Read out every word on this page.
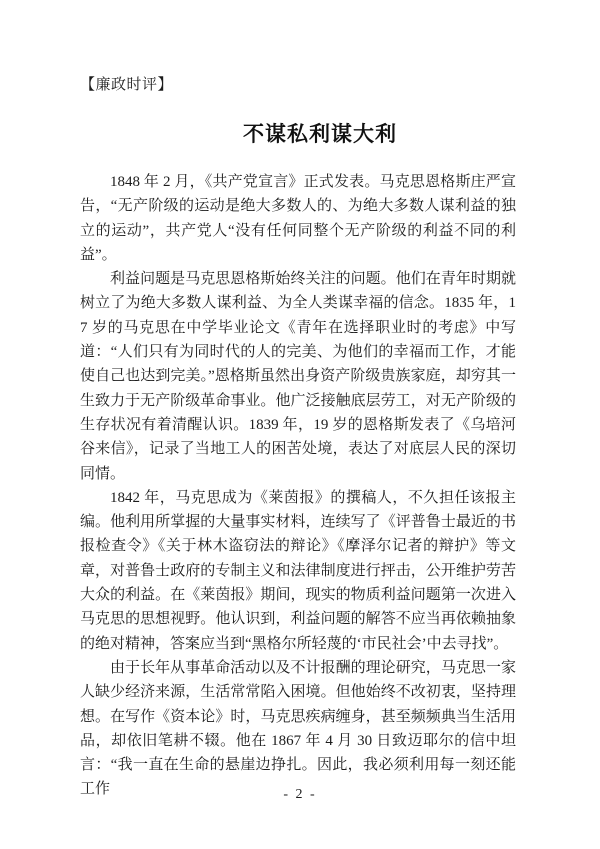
【廉政时评】
不谋私利谋大利

1848 年 2 月，《共产党宣言》正式发表。马克思恩格斯庄严宣告，“无产阶级的运动是绝大多数人的、为绝大多数人谋利益的独立的运动”，共产党人“没有任何同整个无产阶级的利益不同的利益”。

利益问题是马克思恩格斯始终关注的问题。他们在青年时期就树立了为绝大多数人谋利益、为全人类谋幸福的信念。1835 年，17 岁的马克思在中学毕业论文《青年在选择职业时的考虑》中写道：“人们只有为同时代的人的完美、为他们的幸福而工作，才能使自己也达到完美。”恩格斯虽然出身资产阶级贵族家庭，却穷其一生致力于无产阶级革命事业。他广泛接触底层劳工，对无产阶级的生存状况有着清醒认识。1839 年，19 岁的恩格斯发表了《乌培河谷来信》，记录了当地工人的困苦处境，表达了对底层人民的深切同情。

1842 年，马克思成为《莱茵报》的撰稿人，不久担任该报主编。他利用所掌握的大量事实材料，连续写了《评普鲁士最近的书报检查令》《关于林木盗窃法的辩论》《摩泽尔记者的辩护》等文章，对普鲁士政府的专制主义和法律制度进行抨击，公开维护劳苦大众的利益。在《莱茵报》期间，现实的物质利益问题第一次进入马克思的思想视野。他认识到，利益问题的解答不应当再依赖抽象的绝对精神，答案应当到“黑格尔所轻蔑的‘市民社会’中去寻找”。

由于长年从事革命活动以及不计报酬的理论研究，马克思一家人缺少经济来源，生活常常陷入困境。但他始终不改初衷，坚持理想。在写作《资本论》时，马克思疾病缠身，甚至频频典当生活用品，却依旧笔耕不辍。他在 1867 年 4 月 30 日致迈耶尔的信中坦言：“我一直在生命的悬崖边挣扎。因此，我必须利用每一刻还能工作	- 2 -
